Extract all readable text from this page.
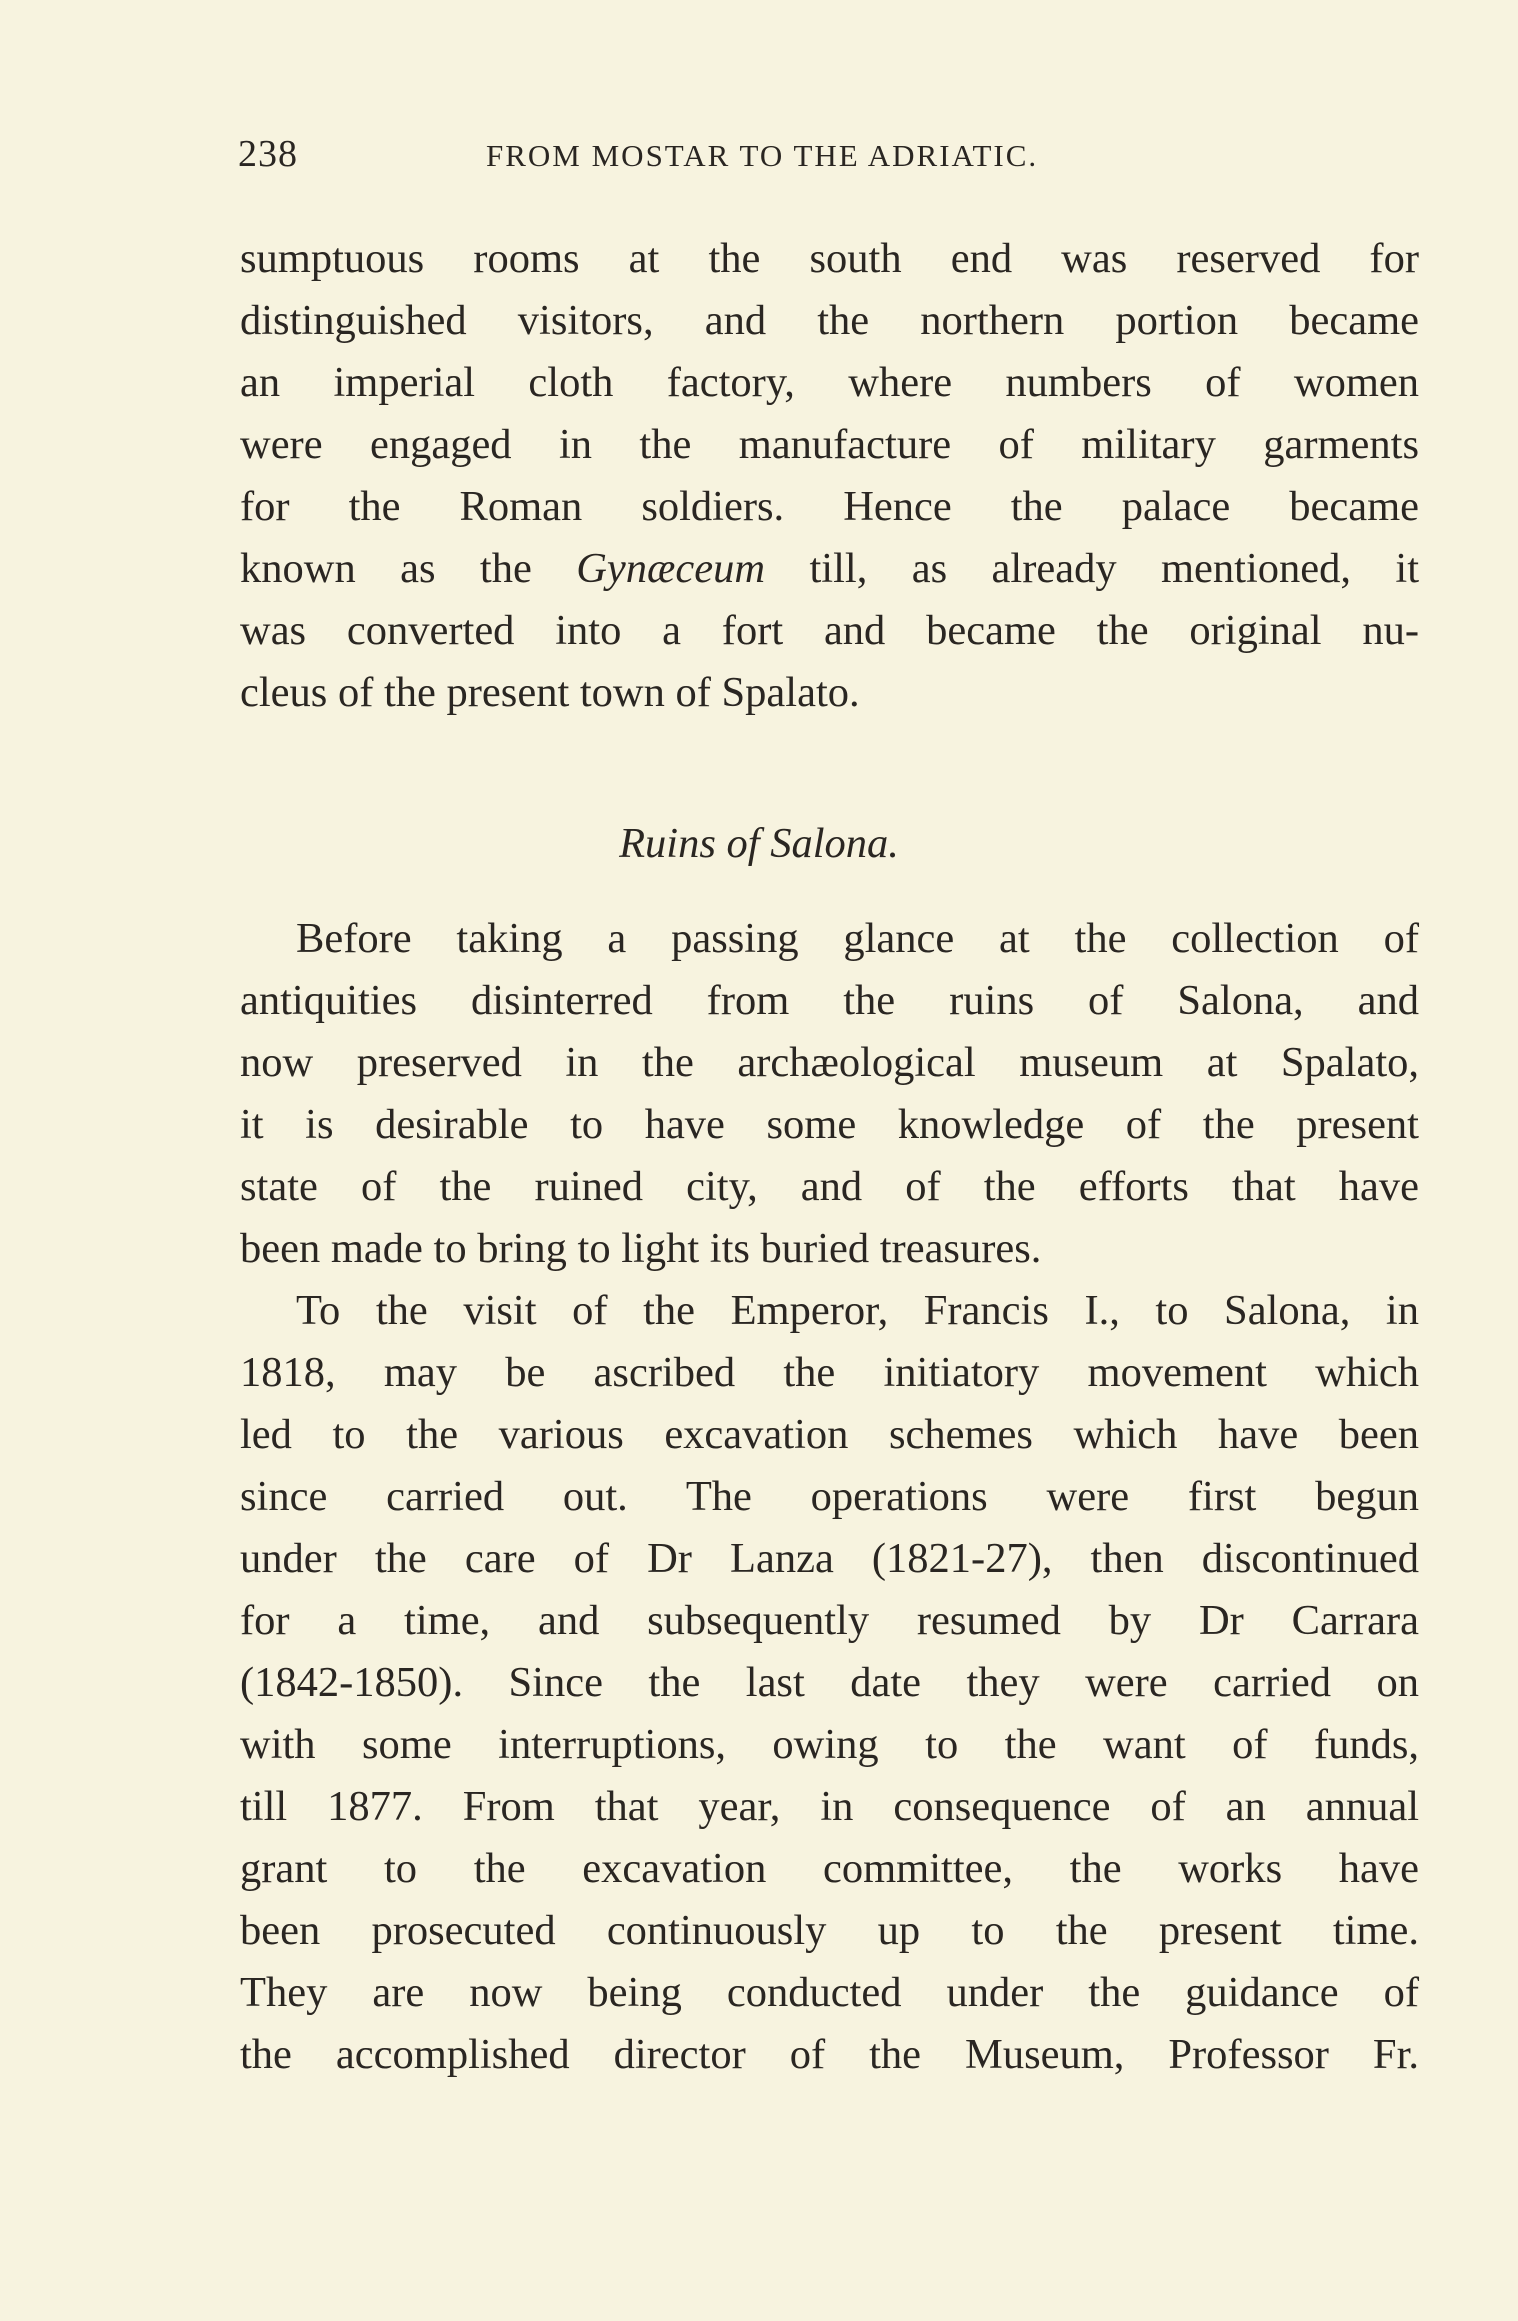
238	FROM MOSTAR TO THE ADRIATIC.
sumptuous rooms at the south end was reserved for
distinguished visitors, and the northern portion became
an imperial cloth factory, where numbers of women
were engaged in the manufacture of military garments
for the Roman soldiers. Hence the palace became
known as the Gynæceum till, as already mentioned, it
was converted into a fort and became the original nu-
cleus of the present town of Spalato.
Ruins of Salona.
Before taking a passing glance at the collection of
antiquities disinterred from the ruins of Salona, and
now preserved in the archæological museum at Spalato,
it is desirable to have some knowledge of the present
state of the ruined city, and of the efforts that have
been made to bring to light its buried treasures.
To the visit of the Emperor, Francis I., to Salona, in
1818, may be ascribed the initiatory movement which
led to the various excavation schemes which have been
since carried out. The operations were first begun
under the care of Dr Lanza (1821-27), then discontinued
for a time, and subsequently resumed by Dr Carrara
(1842-1850). Since the last date they were carried on
with some interruptions, owing to the want of funds,
till 1877. From that year, in consequence of an annual
grant to the excavation committee, the works have
been prosecuted continuously up to the present time.
They are now being conducted under the guidance of
the accomplished director of the Museum, Professor Fr.
